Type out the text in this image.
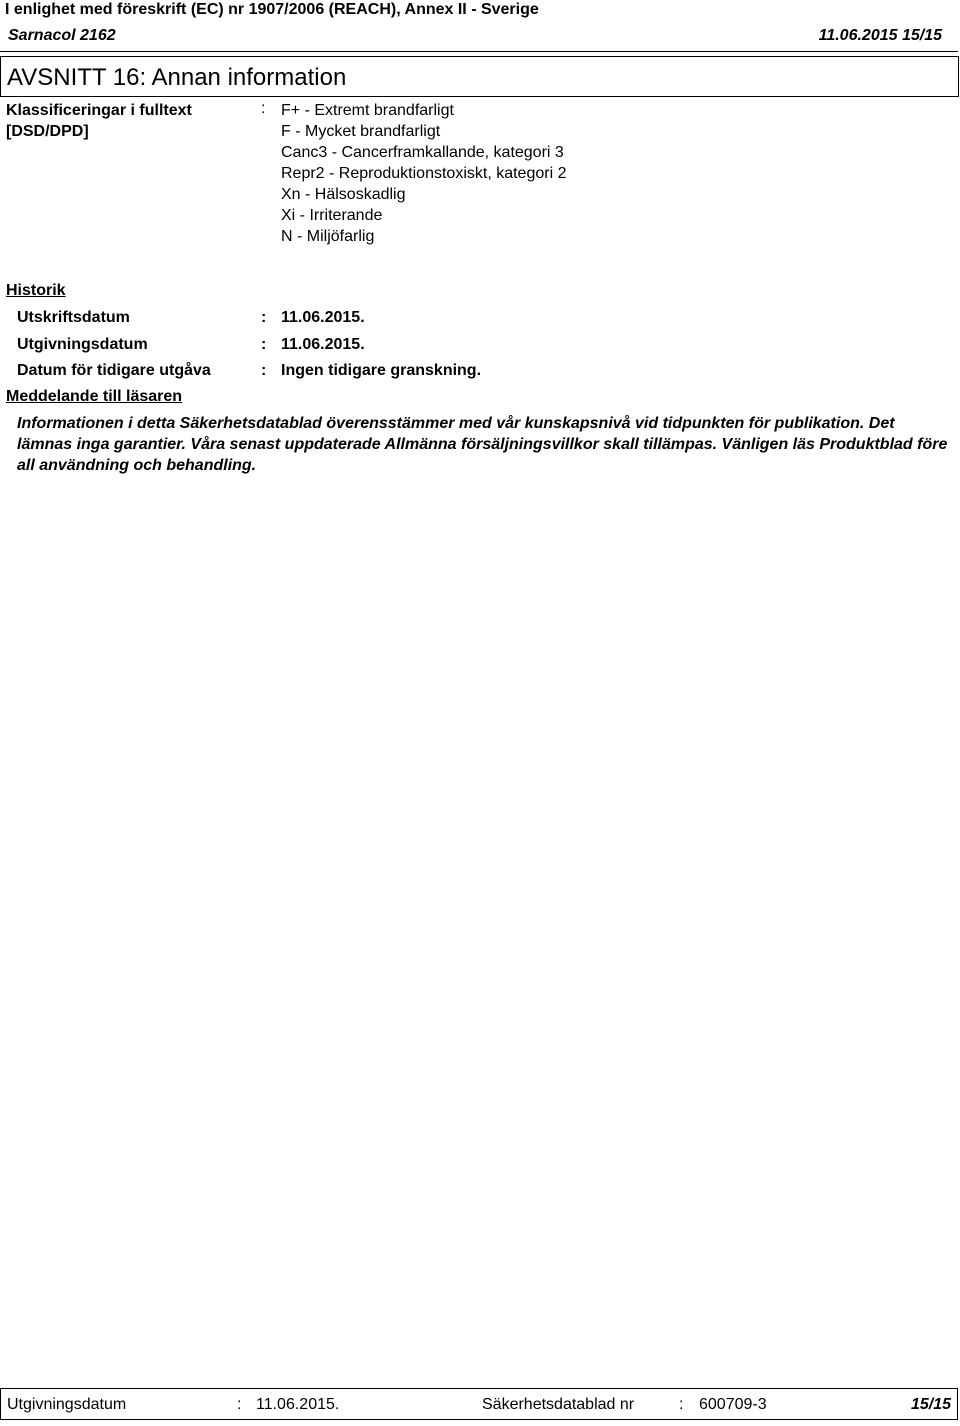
I enlighet med föreskrift (EC) nr 1907/2006 (REACH), Annex II - Sverige
Sarnacol 2162	11.06.2015 15/15
AVSNITT 16: Annan information
Klassificeringar i fulltext [DSD/DPD]
: F+ - Extremt brandfarligt
F - Mycket brandfarligt
Canc3 - Cancerframkallande, kategori 3
Repr2 - Reproduktionstoxiskt, kategori 2
Xn - Hälsoskadlig
Xi - Irriterande
N - Miljöfarlig
Historik
Utskriftsdatum	: 11.06.2015.
Utgivningsdatum	: 11.06.2015.
Datum för tidigare utgåva	: Ingen tidigare granskning.
Meddelande till läsaren
Informationen i detta Säkerhetsdatablad överensstämmer med vår kunskapsnivå vid tidpunkten för publikation. Det lämnas inga garantier. Våra senast uppdaterade Allmänna försäljningsvillkor skall tillämpas. Vänligen läs Produktblad före all användning och behandling.
Utgivningsdatum	: 11.06.2015.	Säkerhetsdatablad nr	: 600709-3	15/15
